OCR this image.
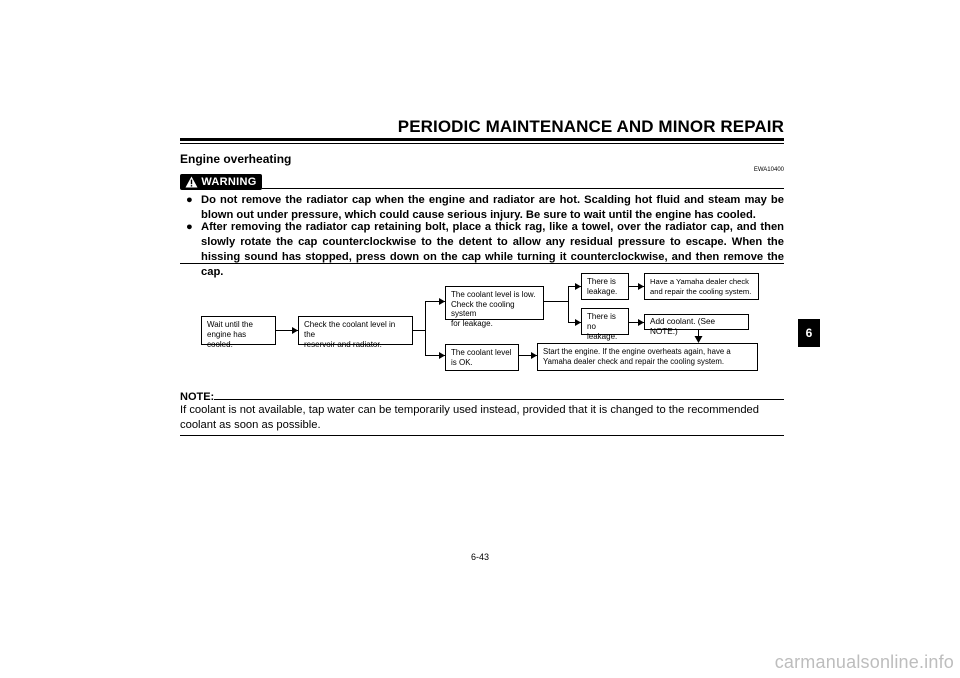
PERIODIC MAINTENANCE AND MINOR REPAIR
Engine overheating
EWA10400
WARNING
● Do not remove the radiator cap when the engine and radiator are hot. Scalding hot fluid and steam may be blown out under pressure, which could cause serious injury. Be sure to wait until the engine has cooled.
● After removing the radiator cap retaining bolt, place a thick rag, like a towel, over the radiator cap, and then slowly rotate the cap counterclockwise to the detent to allow any residual pressure to escape. When the hissing sound has stopped, press down on the cap while turning it counterclockwise, and then remove the cap.
Wait until the
engine has cooled.
Check the coolant level in the
reservoir and radiator.
The coolant level is low.
Check the cooling system
for leakage.
The coolant level
is OK.
There is
leakage.
There is
no leakage.
Have a Yamaha dealer check
and repair the cooling system.
Add coolant. (See NOTE.)
Start the engine. If the engine overheats again, have a
Yamaha dealer check and repair the cooling system.
NOTE:
If coolant is not available, tap water can be temporarily used instead, provided that it is changed to the recommended coolant as soon as possible.
6-43
6
carmanualsonline.info
